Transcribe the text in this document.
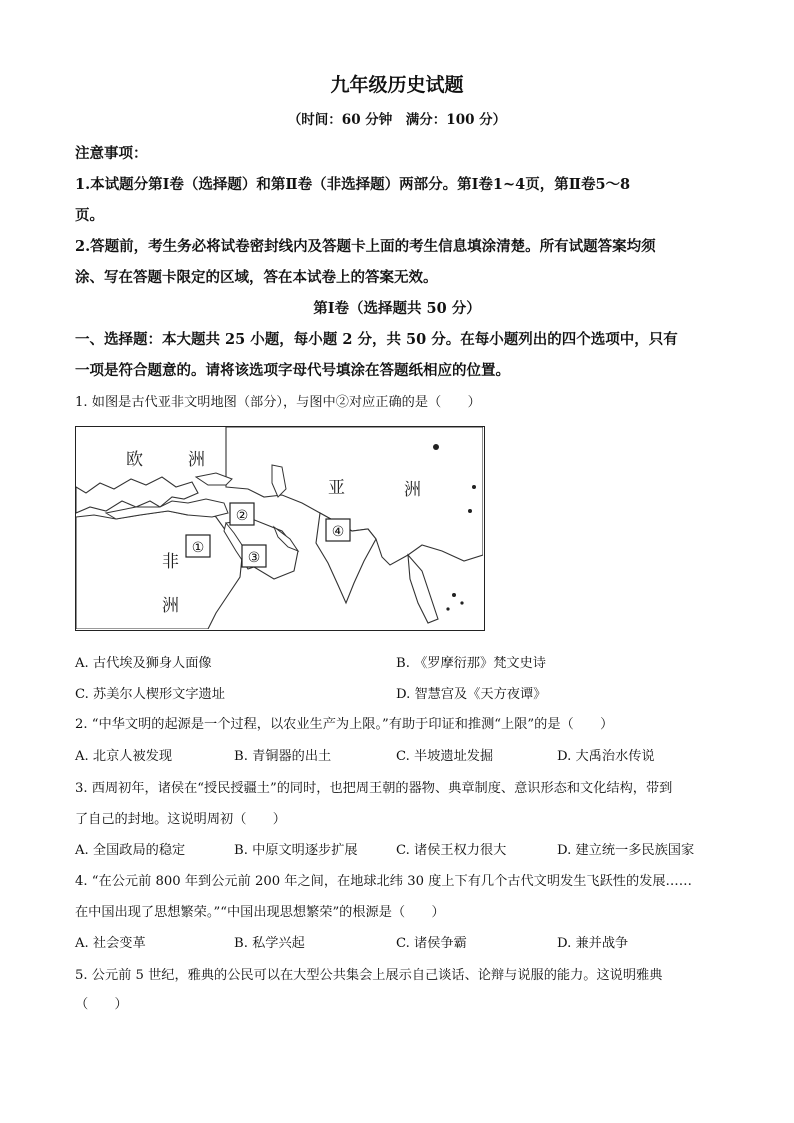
九年级历史试题
（时间：60 分钟　满分：100 分）
注意事项：
1.本试题分第Ⅰ卷（选择题）和第Ⅱ卷（非选择题）两部分。第Ⅰ卷1~4页，第Ⅱ卷5～8
页。
2.答题前，考生务必将试卷密封线内及答题卡上面的考生信息填涂清楚。所有试题答案均须
涂、写在答题卡限定的区域，答在本试卷上的答案无效。
第Ⅰ卷（选择题共 50 分）
一、选择题：本大题共 25 小题，每小题 2 分，共 50 分。在每小题列出的四个选项中，只有
一项是符合题意的。请将该选项字母代号填涂在答题纸相应的位置。
1. 如图是古代亚非文明地图（部分），与图中②对应正确的是（　　）
欧	洲
亚	洲
非
洲
①
②
③
④
A. 古代埃及狮身人面像	B. 《罗摩衍那》梵文史诗
C. 苏美尔人楔形文字遗址	D. 智慧宫及《天方夜谭》
2. “中华文明的起源是一个过程，以农业生产为上限。”有助于印证和推测“上限”的是（　　）
A. 北京人被发现	B. 青铜器的出土	C. 半坡遗址发掘	D. 大禹治水传说
3. 西周初年，诸侯在“授民授疆土”的同时，也把周王朝的器物、典章制度、意识形态和文化结构，带到
了自己的封地。这说明周初（　　）
A. 全国政局的稳定	B. 中原文明逐步扩展	C. 诸侯王权力很大	D. 建立统一多民族国家
4. “在公元前 800 年到公元前 200 年之间，在地球北纬 30 度上下有几个古代文明发生飞跃性的发展……
在中国出现了思想繁荣。”“中国出现思想繁荣”的根源是（　　）
A. 社会变革	B. 私学兴起	C. 诸侯争霸	D. 兼并战争
5. 公元前 5 世纪，雅典的公民可以在大型公共集会上展示自己谈话、论辩与说服的能力。这说明雅典
（　　）
